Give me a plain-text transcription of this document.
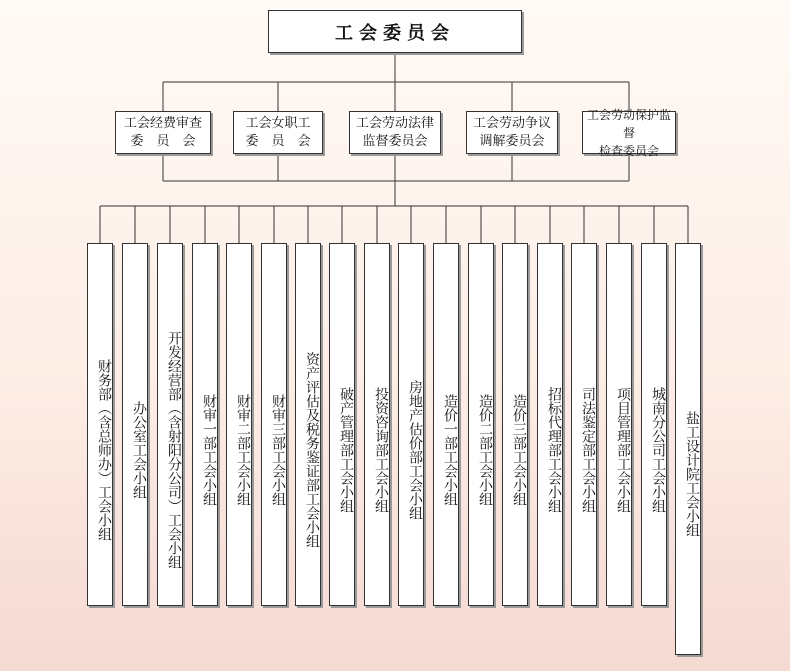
工会委员会
工会经费审查
委　员　会
工会女职工
委　员　会
工会劳动法律
监督委员会
工会劳动争议
调解委员会
工会劳动保护监督
检查委员会
财务部（含总师办）工会小组 办公室工会小组 开发经营部（含射阳分公司）工会小组 财审一部工会小组 财审二部工会小组 财审三部工会小组 资产评估及税务鉴证部工会小组 破产管理部工会小组 投资咨询部工会小组 房地产估价部工会小组 造价一部工会小组 造价二部工会小组 造价三部工会小组 招标代理部工会小组 司法鉴定部工会小组 项目管理部工会小组 城南分公司工会小组 盐工设计院工会小组
